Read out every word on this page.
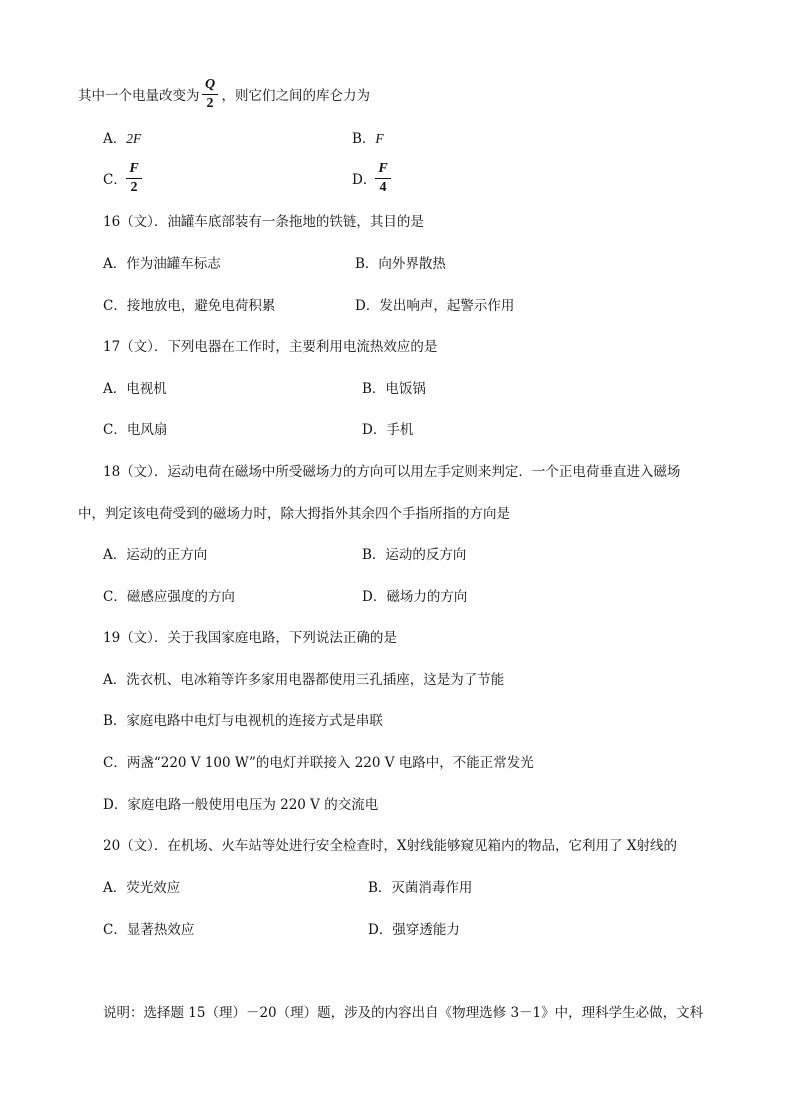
其中一个电量改变为 ，则它们之间的库仑力为
Q
2
A．2F	B．F
C．
F
2	D．
F
4
16（文）．油罐车底部装有一条拖地的铁链，其目的是
A．作为油罐车标志	B．向外界散热
C．接地放电，避免电荷积累	D．发出响声，起警示作用
17（文）．下列电器在工作时，主要利用电流热效应的是
A．电视机	B．电饭锅
C．电风扇	D．手机
18（文）．运动电荷在磁场中所受磁场力的方向可以用左手定则来判定．一个正电荷垂直进入磁场
中，判定该电荷受到的磁场力时，除大拇指外其余四个手指所指的方向是
A．运动的正方向	B．运动的反方向
C．磁感应强度的方向	D．磁场力的方向
19（文）．关于我国家庭电路，下列说法正确的是
A．洗衣机、电冰箱等许多家用电器都使用三孔插座，这是为了节能
B．家庭电路中电灯与电视机的连接方式是串联
C．两盏“220 V 100 W”的电灯并联接入 220 V 电路中，不能正常发光
D．家庭电路一般使用电压为 220 V 的交流电
20（文）．在机场、火车站等处进行安全检查时，X射线能够窥见箱内的物品，它利用了 X射线的
A．荧光效应	B．灭菌消毒作用
C．显著热效应	D．强穿透能力
说明：选择题 15（理）－20（理）题，涉及的内容出自《物理选修 3－1》中，理科学生必做，文科
